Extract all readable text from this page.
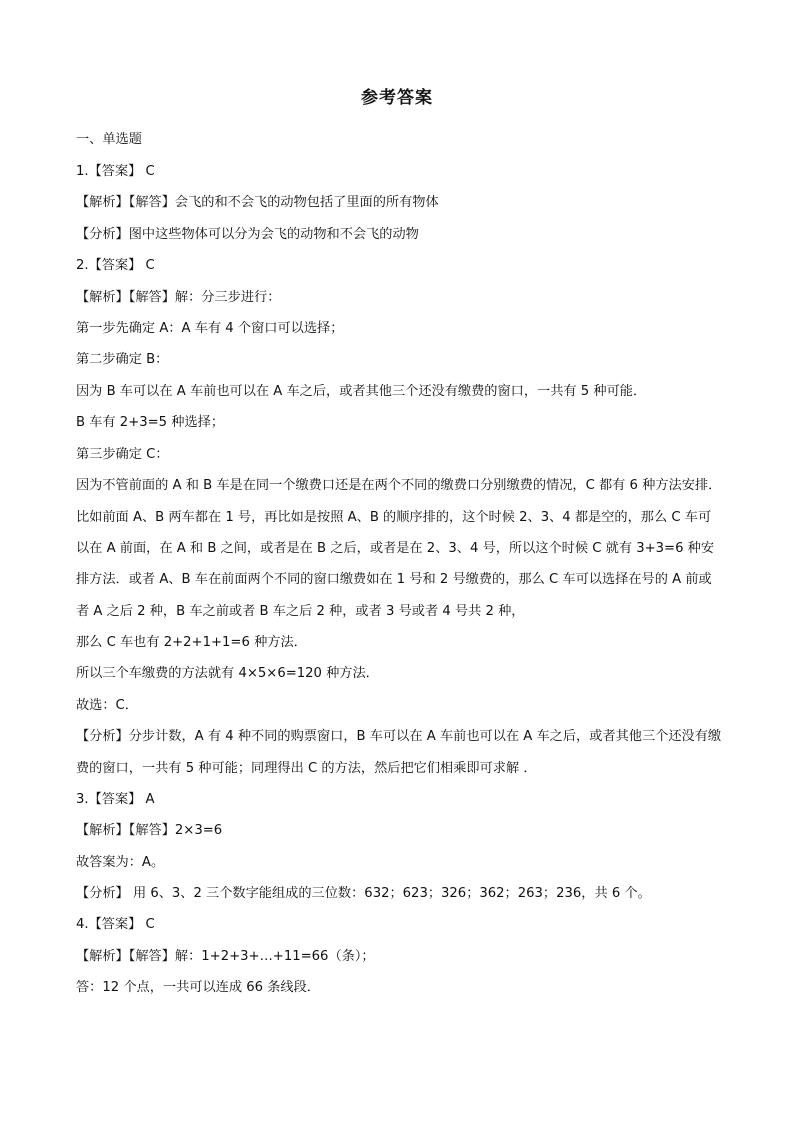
参考答案
一、单选题
1.【答案】 C
【解析】【解答】会飞的和不会飞的动物包括了里面的所有物体
【分析】图中这些物体可以分为会飞的动物和不会飞的动物
2.【答案】 C
【解析】【解答】解：分三步进行：
第一步先确定 A：A 车有 4 个窗口可以选择；
第二步确定 B：
因为 B 车可以在 A 车前也可以在 A 车之后，或者其他三个还没有缴费的窗口，一共有 5 种可能．
B 车有 2+3=5 种选择；
第三步确定 C：
因为不管前面的 A 和 B 车是在同一个缴费口还是在两个不同的缴费口分别缴费的情况，C 都有 6 种方法安排．
比如前面 A、B 两车都在 1 号，再比如是按照 A、B 的顺序排的，这个时候 2、3、4 都是空的，那么 C 车可以在 A 前面，在 A 和 B 之间，或者是在 B 之后，或者是在 2、3、4 号，所以这个时候 C 就有 3+3=6 种安排方法．或者 A、B 车在前面两个不同的窗口缴费如在 1 号和 2 号缴费的，那么 C 车可以选择在号的 A 前或者 A 之后 2 种，B 车之前或者 B 车之后 2 种，或者 3 号或者 4 号共 2 种，
那么 C 车也有 2+2+1+1=6 种方法．
所以三个车缴费的方法就有 4×5×6=120 种方法．
故选：C．
【分析】分步计数，A 有 4 种不同的购票窗口，B 车可以在 A 车前也可以在 A 车之后，或者其他三个还没有缴费的窗口，一共有 5 种可能；同理得出 C 的方法，然后把它们相乘即可求解 ．
3.【答案】 A
【解析】【解答】2×3=6
故答案为：A。
【分析】 用 6、3、2 三个数字能组成的三位数：632；623；326；362；263；236，共 6 个。
4.【答案】 C
【解析】【解答】解：1+2+3+…+11=66（条）；
答：12 个点，一共可以连成 66 条线段．
